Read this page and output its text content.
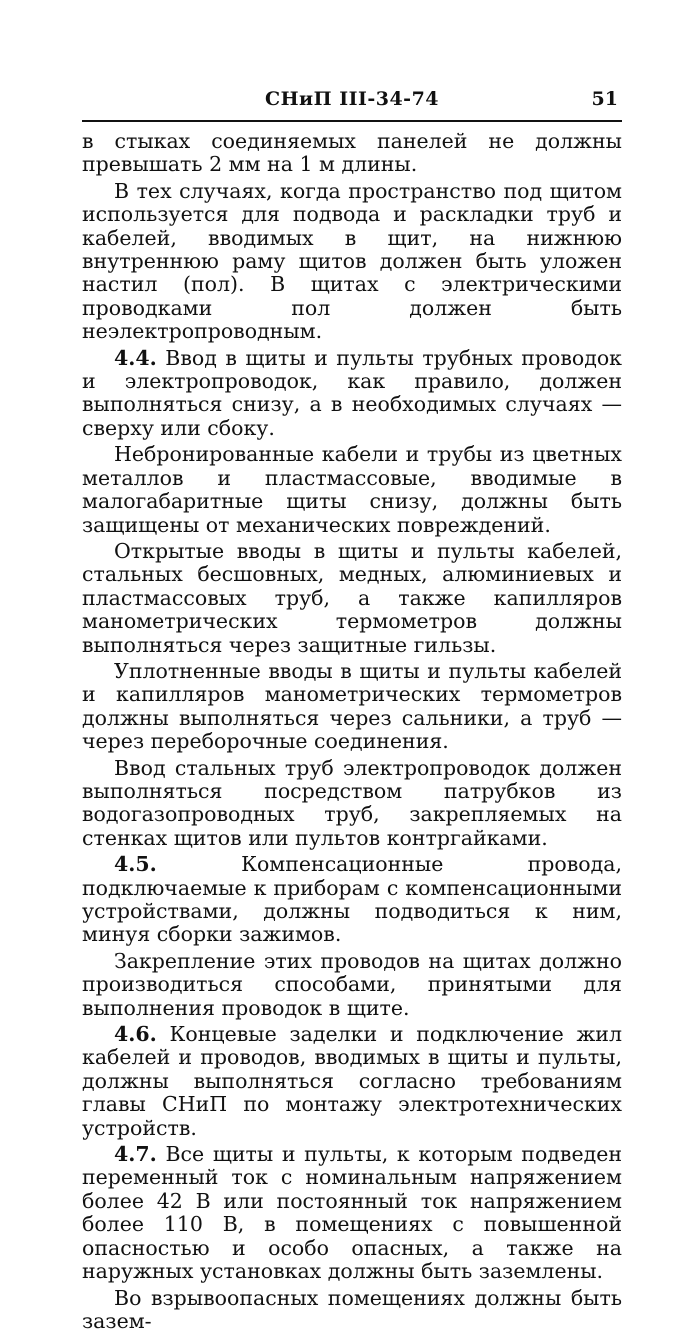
СНиП III-34-74	51

в стыках соединяемых панелей не должны превышать 2 мм на 1 м длины.

В тех случаях, когда пространство под щитом используется для подвода и раскладки труб и кабелей, вводимых в щит, на нижнюю внутреннюю раму щитов должен быть уложен настил (пол). В щитах с электрическими проводками пол должен быть неэлектропроводным.

4.4. Ввод в щиты и пульты трубных проводок и электропроводок, как правило, должен выполняться снизу, а в необходимых случаях — сверху или сбоку.

Небронированные кабели и трубы из цветных металлов и пластмассовые, вводимые в малогабаритные щиты снизу, должны быть защищены от механических повреждений.

Открытые вводы в щиты и пульты кабелей, стальных бесшовных, медных, алюминиевых и пластмассовых труб, а также капилляров манометрических термометров должны выполняться через защитные гильзы.

Уплотненные вводы в щиты и пульты кабелей и капилляров манометрических термометров должны выполняться через сальники, а труб — через переборочные соединения.

Ввод стальных труб электропроводок должен выполняться посредством патрубков из водогазопроводных труб, закрепляемых на стенках щитов или пультов контргайками.

4.5. Компенсационные провода, подключаемые к приборам с компенсационными устройствами, должны подводиться к ним, минуя сборки зажимов.

Закрепление этих проводов на щитах должно производиться способами, принятыми для выполнения проводок в щите.

4.6. Концевые заделки и подключение жил кабелей и проводов, вводимых в щиты и пульты, должны выполняться согласно требованиям главы СНиП по монтажу электротехнических устройств.

4.7. Все щиты и пульты, к которым подведен переменный ток с номинальным напряжением более 42 В или постоянный ток напряжением более 110 В, в помещениях с повышенной опасностью и особо опасных, а также на наружных установках должны быть заземлены.

Во взрывоопасных помещениях должны быть зазем-
